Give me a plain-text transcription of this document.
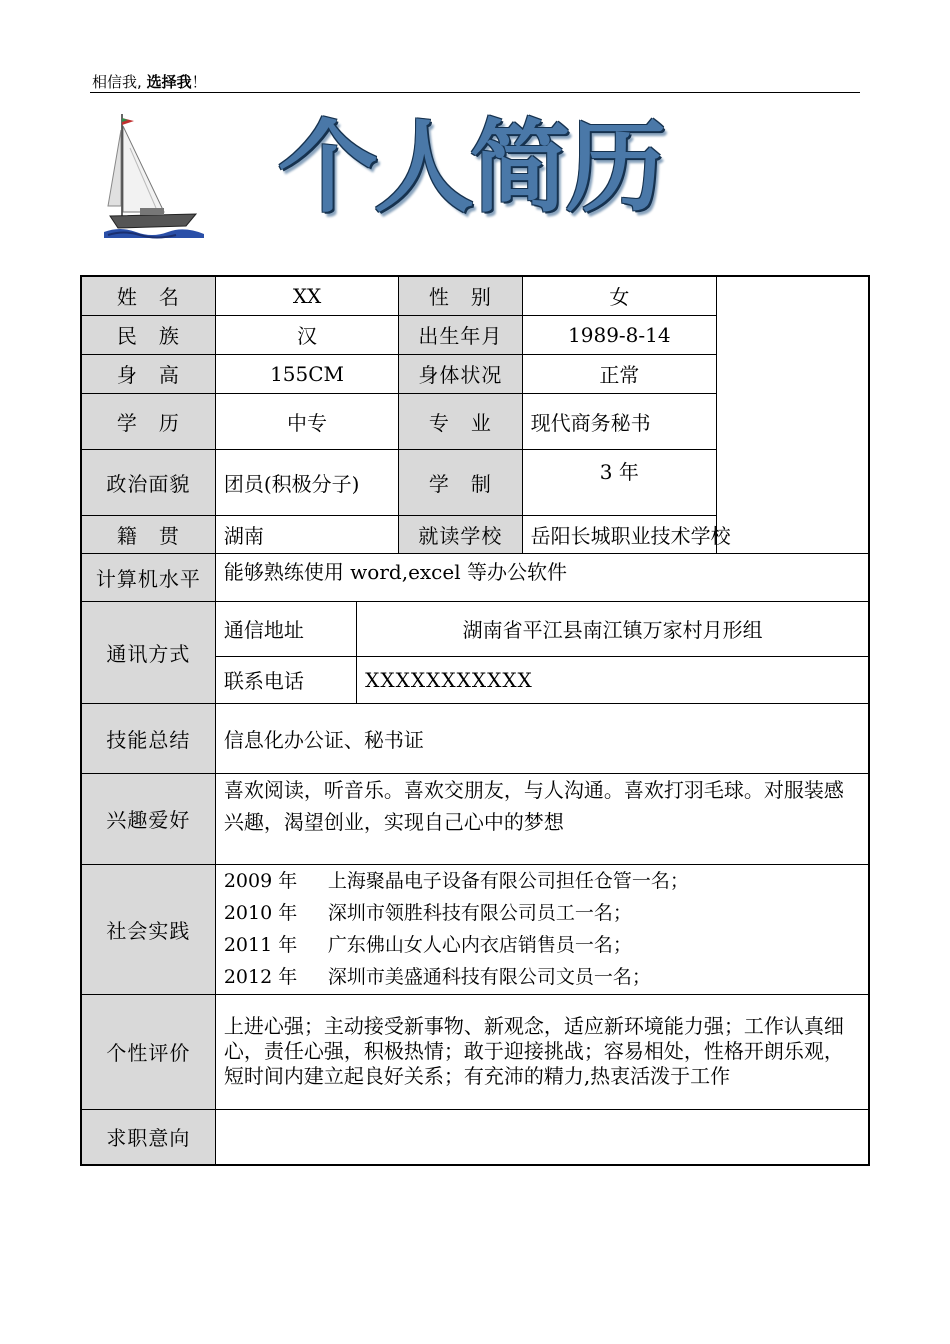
相信我, 选择我！
个人简历
姓　名	XX		性　别	女	
民　族	汉		出生年月	1989-8-14	
身　高	155CM		身体状况	正常	
学　历	中专		专　业	现代商务秘书	
政治面貌	团员(积极分子)		学　制	3 年	
籍　贯	湖南		就读学校	岳阳长城职业技术学校	
计算机水平	能够熟练使用 word,excel 等办公软件				
通讯方式	通信地址	湖南省平江县南江镇万家村月形组			
	联系电话	XXXXXXXXXXX			
技能总结	信息化办公证、秘书证				
兴趣爱好	喜欢阅读，听音乐。喜欢交朋友，与人沟通。喜欢打羽毛球。对服装感兴趣，渴望创业，实现自己心中的梦想				
社会实践	2009 年 上海聚晶电子设备有限公司担任仓管一名；
2010 年 深圳市领胜科技有限公司员工一名；
2011 年 广东佛山女人心内衣店销售员一名；
2012 年 深圳市美盛通科技有限公司文员一名；				

个性评价	上进心强；主动接受新事物、新观念，适应新环境能力强；工作认真细心，责任心强，积极热情；敢于迎接挑战；容易相处，性格开朗乐观，短时间内建立起良好关系；有充沛的精力,热衷活泼于工作				
求职意向					
